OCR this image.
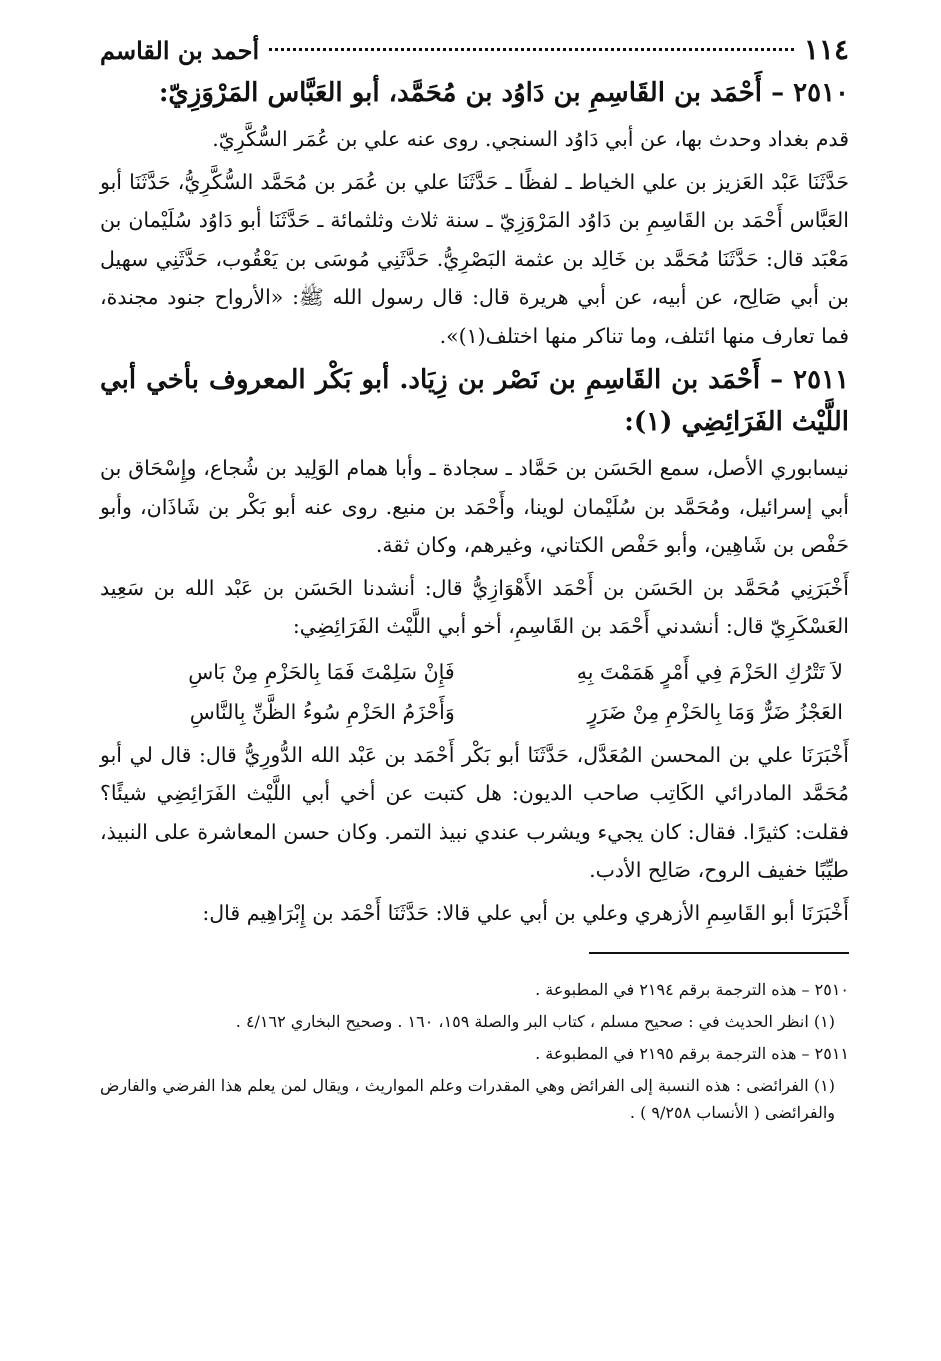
١١٤
أحمد بن القاسم
٢٥١٠ – أَحْمَد بن القَاسِمِ بن دَاوُد بن مُحَمَّد، أبو العَبَّاس المَرْوَزِيّ:

قدم بغداد وحدث بها، عن أبي دَاوُد السنجي. روى عنه علي بن عُمَر السُّكَّرِيّ.

حَدَّثَنَا عَبْد العَزيز بن علي الخياط ـ لفظًا ـ حَدَّثَنَا علي بن عُمَر بن مُحَمَّد السُّكَّرِيُّ، حَدَّثَنَا أبو العَبَّاس أَحْمَد بن القَاسِمِ بن دَاوُد المَرْوَزِيّ ـ سنة ثلاث وثلثمائة ـ حَدَّثَنَا أبو دَاوُد سُلَيْمان بن مَعْبَد قال: حَدَّثَنَا مُحَمَّد بن خَالِد بن عثمة البَصْرِيُّ. حَدَّثَنِي مُوسَى بن يَعْقُوب، حَدَّثَنِي سهيل بن أبي صَالِح، عن أبيه، عن أبي هريرة قال: قال رسول الله ﷺ: «الأرواح جنود مجندة، فما تعارف منها ائتلف، وما تناكر منها اختلف(١)».

٢٥١١ – أَحْمَد بن القَاسِمِ بن نَصْر بن زِيَاد. أبو بَكْر المعروف بأخي أبي اللَّيْث الفَرَائِضِي (١):

نيسابوري الأصل، سمع الحَسَن بن حَمَّاد ـ سجادة ـ وأبا همام الوَلِيد بن شُجاع، وإِسْحَاق بن أبي إسرائيل، ومُحَمَّد بن سُلَيْمان لوينا، وأَحْمَد بن منيع. روى عنه أبو بَكْر بن شَاذَان، وأبو حَفْص بن شَاهِين، وأبو حَفْص الكتاني، وغيرهم، وكان ثقة.

أَخْبَرَنِي مُحَمَّد بن الحَسَن بن أَحْمَد الأَهْوَازِيُّ قال: أنشدنا الحَسَن بن عَبْد الله بن سَعِيد العَسْكَرِيّ قال: أنشدني أَحْمَد بن القَاسِمِ، أخو أبي اللَّيْث الفَرَائِضِي:

لاَ تَتْرُكِ الحَزْمَ فِي أَمْرٍ هَمَمْتَ بِهِ
فَإِنْ سَلِمْتَ فَمَا بِالحَزْمِ مِنْ بَاسِ
العَجْزُ ضَرٌّ وَمَا بِالحَزْمِ مِنْ ضَرَرٍ
وَأَحْزَمُ الحَزْمِ سُوءُ الظَّنِّ بِالنَّاسِ

أَخْبَرَنَا علي بن المحسن المُعَدَّل، حَدَّثَنَا أبو بَكْر أَحْمَد بن عَبْد الله الدُّورِيُّ قال: قال لي أبو مُحَمَّد المادرائي الكَاتِب صاحب الديون: هل كتبت عن أخي أبي اللَّيْث الفَرَائِضِي شيئًا؟ فقلت: كثيرًا. فقال: كان يجيء ويشرب عندي نبيذ التمر. وكان حسن المعاشرة على النبيذ، طيِّبًا خفيف الروح، صَالِح الأدب.

أَخْبَرَنَا أبو القَاسِمِ الأزهري وعلي بن أبي علي قالا: حَدَّثَنَا أَحْمَد بن إِبْرَاهِيم قال:

٢٥١٠ – هذه الترجمة برقم ٢١٩٤ في المطبوعة .

(١) انظر الحديث في : صحيح مسلم ، كتاب البر والصلة ١٥٩، ١٦٠ . وصحيح البخاري ٤/١٦٢ .

٢٥١١ – هذه الترجمة برقم ٢١٩٥ في المطبوعة .

(١) الفرائضى : هذه النسبة إلى الفرائض وهي المقدرات وعلم المواريث ، ويقال لمن يعلم هذا الفرضي والفارض والفرائضى ( الأنساب ٩/٢٥٨ ) .
